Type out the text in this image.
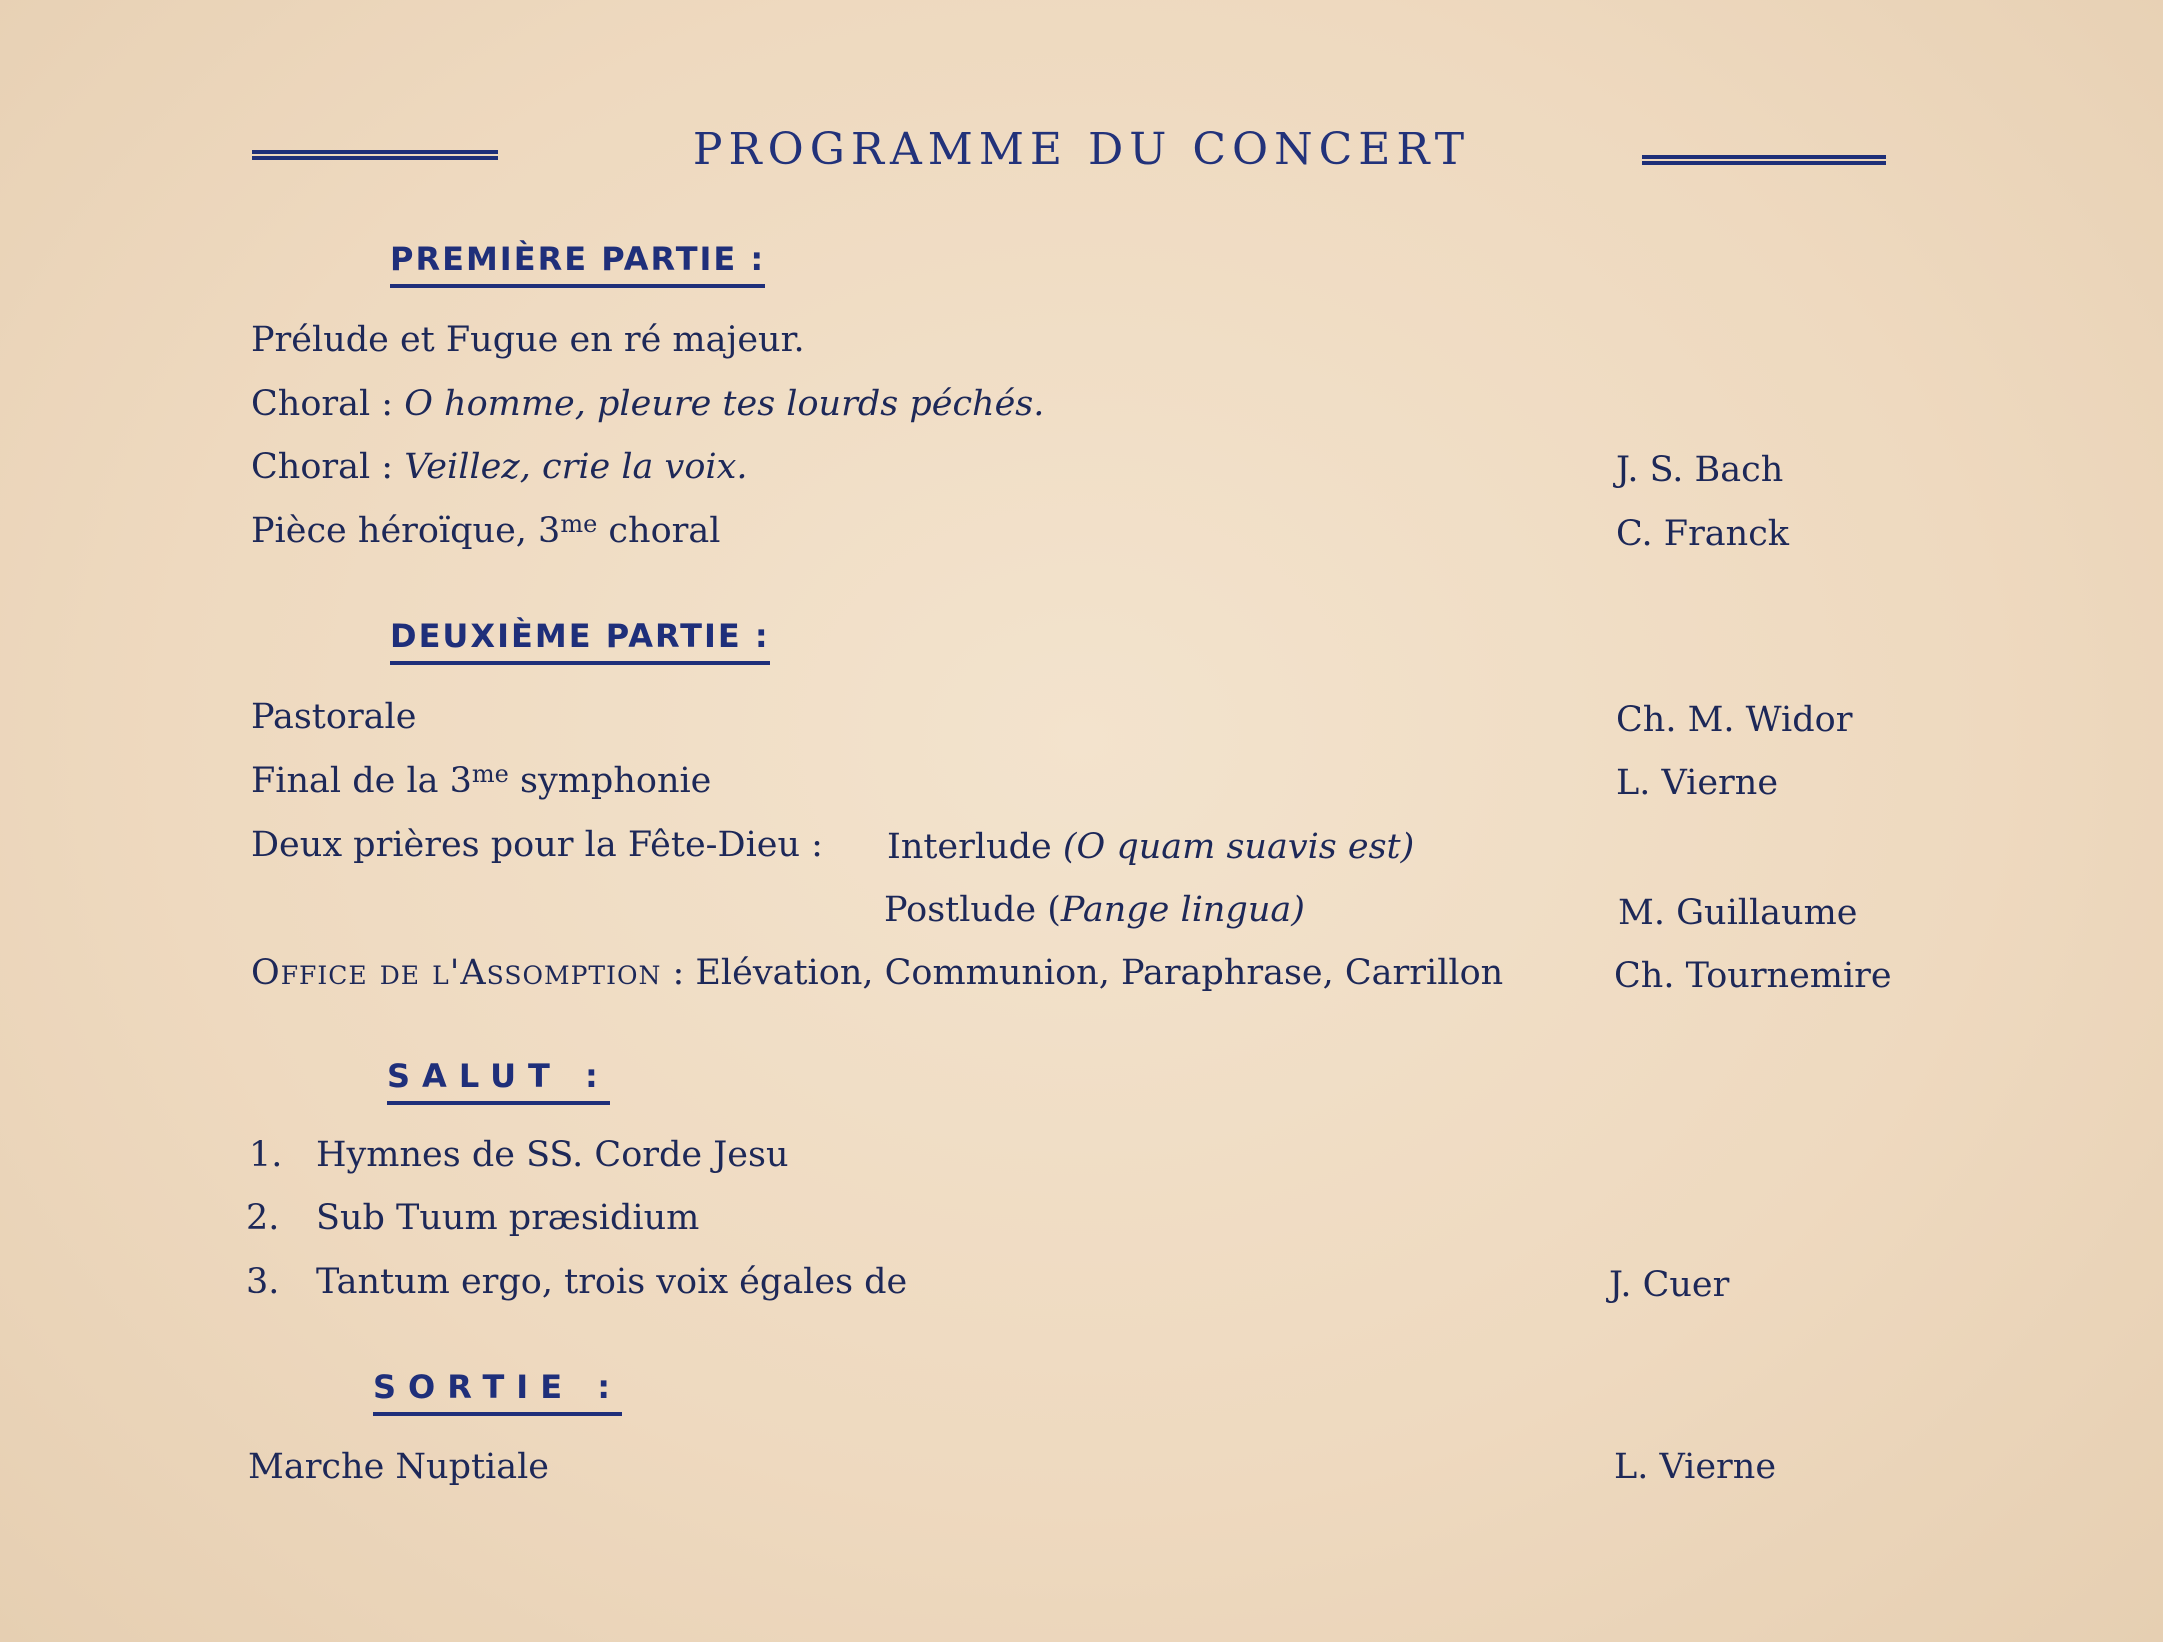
PROGRAMME DU CONCERT
PREMIÈRE PARTIE :
Prélude et Fugue en ré majeur.
Choral : O homme, pleure tes lourds péchés.
Choral : Veillez, crie la voix.	J. S. Bach
Pièce héroïque, $3^{me}$ choral	C. Franck
DEUXIÈME PARTIE :
Pastorale	Ch. M. Widor
Final de la $3^{me}$ symphonie	L. Vierne
Deux prières pour la Fête-Dieu : Interlude (O quam suavis est)
Postlude (Pange lingua)	M. Guillaume
Office de l'Assomption : Elévation, Communion, Paraphrase, Carrillon	Ch. Tournemire
SALUT :
1. Hymnes de SS. Corde Jesu
2. Sub Tuum præsidium
3. Tantum ergo, trois voix égales de	J. Cuer
SORTIE :
Marche Nuptiale	L. Vierne
